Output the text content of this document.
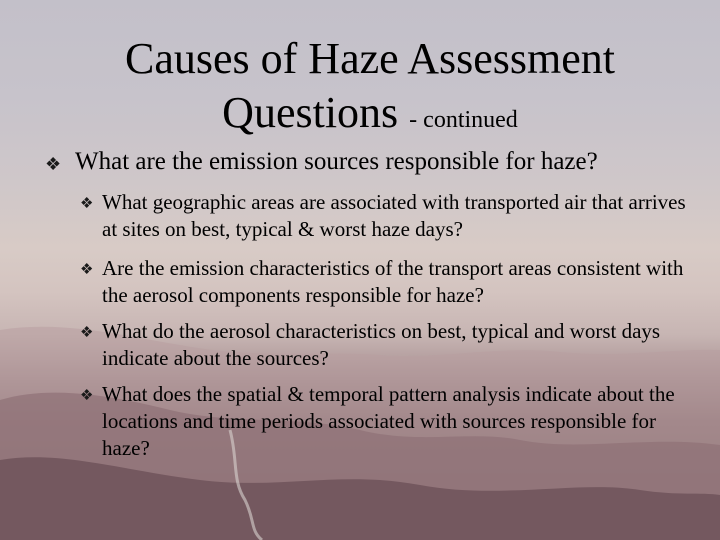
Causes of Haze Assessment Questions - continued
❖ What are the emission sources responsible for haze?
❖ What geographic areas are associated with transported air that arrives at sites on best, typical & worst haze days?
❖ Are the emission characteristics of the transport areas consistent with the aerosol components responsible for haze?
❖ What do the aerosol characteristics on best, typical and worst days indicate about the sources?
❖ What does the spatial & temporal pattern analysis indicate about the locations and time periods associated with sources responsible for haze?
